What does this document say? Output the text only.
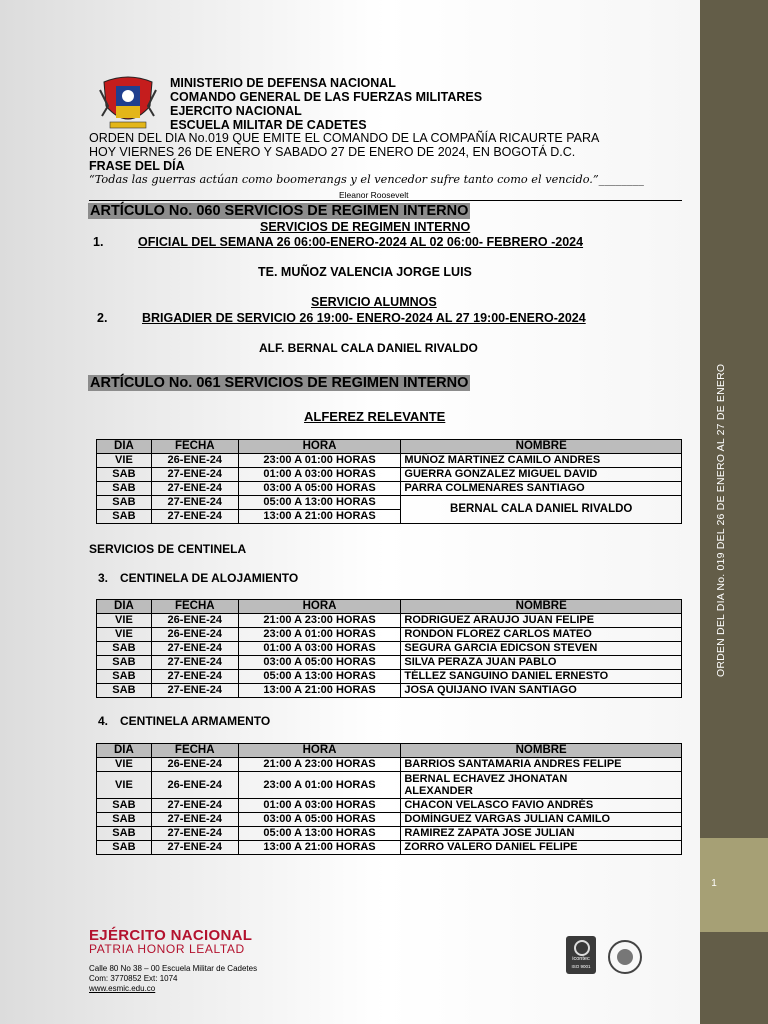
ORDEN DEL DIA No. 019 DEL 26 DE ENERO AL 27 DE ENERO
1
MINISTERIO DE DEFENSA NACIONAL
COMANDO GENERAL DE LAS FUERZAS MILITARES
EJERCITO NACIONAL
ESCUELA MILITAR DE CADETES
ORDEN DEL DIA No.019 QUE EMITE EL COMANDO DE LA COMPAÑÍA RICAURTE PARA
HOY VIERNES 26 DE ENERO Y SABADO 27 DE ENERO DE 2024, EN BOGOTÁ D.C.
FRASE DEL DÍA
“Todas las guerras actúan como boomerangs y el vencedor sufre tanto como el vencido.”________
Eleanor Roosevelt
ARTÍCULO No. 060 SERVICIOS DE REGIMEN INTERNO
SERVICIOS DE REGIMEN INTERNO
1.	OFICIAL DEL SEMANA 26 06:00-ENERO-2024 AL 02 06:00- FEBRERO -2024
TE. MUÑOZ VALENCIA JORGE LUIS
SERVICIO ALUMNOS
2.	BRIGADIER DE SERVICIO 26 19:00- ENERO-2024 AL 27 19:00-ENERO-2024
ALF. BERNAL CALA DANIEL RIVALDO
ARTÍCULO No. 061 SERVICIOS DE REGIMEN INTERNO
ALFEREZ RELEVANTE
DIA	FECHA	HORA	NOMBRE
VIE	26-ENE-24	23:00 A 01:00 HORAS	MUÑOZ MARTINEZ CAMILO ANDRES
SAB	27-ENE-24	01:00 A 03:00 HORAS	GUERRA GONZALEZ MIGUEL DAVID
SAB	27-ENE-24	03:00 A 05:00 HORAS	PARRA COLMENARES SANTIAGO
SAB	27-ENE-24	05:00 A 13:00 HORAS	BERNAL CALA DANIEL RIVALDO
SAB	27-ENE-24	13:00 A 21:00 HORAS	
SERVICIOS DE CENTINELA
3. CENTINELA DE ALOJAMIENTO
DIA	FECHA	HORA	NOMBRE
VIE	26-ENE-24	21:00 A 23:00 HORAS	RODRIGUEZ ARAUJO JUAN FELIPE
VIE	26-ENE-24	23:00 A 01:00 HORAS	RONDON FLOREZ CARLOS MATEO
SAB	27-ENE-24	01:00 A 03:00 HORAS	SEGURA GARCIA EDICSON STEVEN
SAB	27-ENE-24	03:00 A 05:00 HORAS	SILVA PERAZA JUAN PABLO
SAB	27-ENE-24	05:00 A 13:00 HORAS	TÉLLEZ SANGUINO DANIEL ERNESTO
SAB	27-ENE-24	13:00 A 21:00 HORAS	JOSA QUIJANO IVAN SANTIAGO
4. CENTINELA ARMAMENTO
DIA	FECHA	HORA	NOMBRE
VIE	26-ENE-24	21:00 A 23:00 HORAS	BARRIOS SANTAMARIA ANDRES FELIPE
VIE	26-ENE-24	23:00 A 01:00 HORAS	BERNAL ECHAVEZ JHONATAN
ALEXANDER
SAB	27-ENE-24	01:00 A 03:00 HORAS	CHACON VELASCO FAVIO ANDRÉS
SAB	27-ENE-24	03:00 A 05:00 HORAS	DOMÍNGUEZ VARGAS JULIAN CAMILO
SAB	27-ENE-24	05:00 A 13:00 HORAS	RAMIREZ ZAPATA JOSE JULIAN
SAB	27-ENE-24	13:00 A 21:00 HORAS	ZORRO VALERO DANIEL FELIPE
EJÉRCITO NACIONAL
PATRIA HONOR LEALTAD
Calle 80 No 38 – 00 Escuela Militar de Cadetes
Com: 3770852 Ext: 1074
www.esmic.edu.co
icontec
ISO 9001
